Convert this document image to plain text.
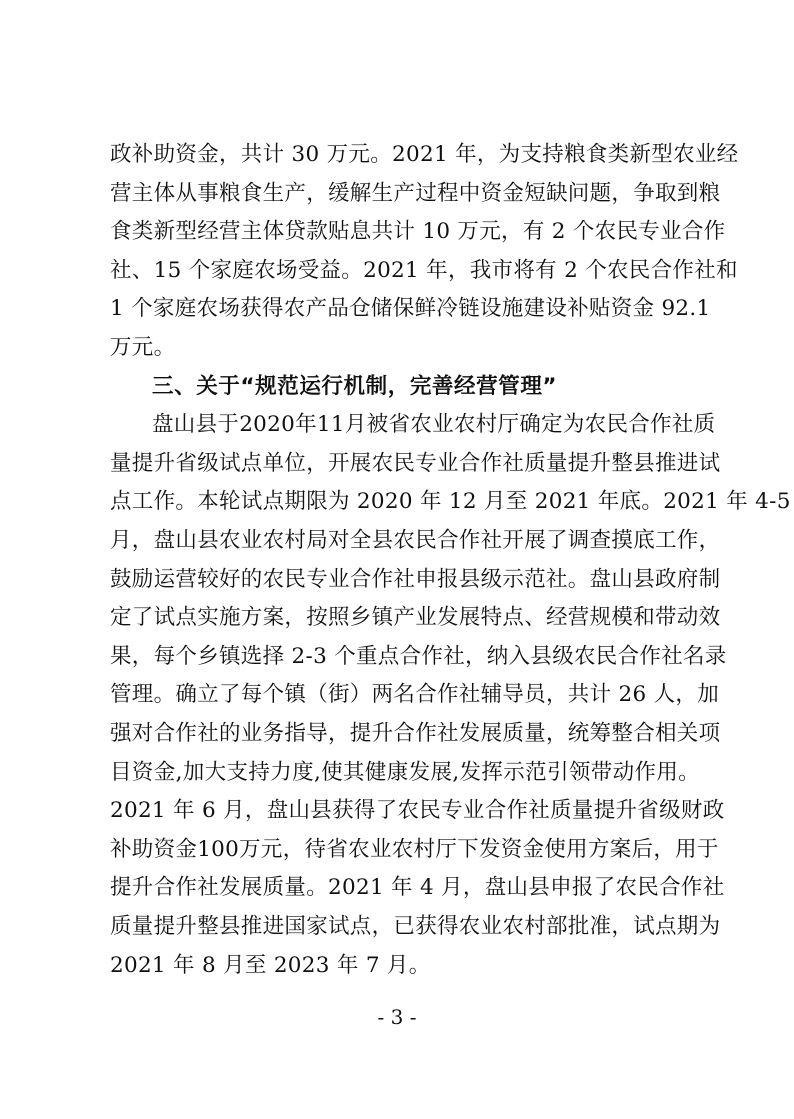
政补助资金，共计 30 万元。2021 年，为支持粮食类新型农业经
营主体从事粮食生产，缓解生产过程中资金短缺问题，争取到粮
食类新型经营主体贷款贴息共计 10 万元，有 2 个农民专业合作
社、15 个家庭农场受益。2021 年，我市将有 2 个农民合作社和
1 个家庭农场获得农产品仓储保鲜冷链设施建设补贴资金 92.1
万元。
三、关于“规范运行机制，完善经营管理”
盘山县于2020年11月被省农业农村厅确定为农民合作社质
量提升省级试点单位，开展农民专业合作社质量提升整县推进试
点工作。本轮试点期限为 2020 年 12 月至 2021 年底。2021 年 4-5
月，盘山县农业农村局对全县农民合作社开展了调查摸底工作，
鼓励运营较好的农民专业合作社申报县级示范社。盘山县政府制
定了试点实施方案，按照乡镇产业发展特点、经营规模和带动效
果，每个乡镇选择 2-3 个重点合作社，纳入县级农民合作社名录
管理。确立了每个镇（街）两名合作社辅导员，共计 26 人，加
强对合作社的业务指导，提升合作社发展质量，统筹整合相关项
目资金,加大支持力度,使其健康发展,发挥示范引领带动作用。
2021 年 6 月，盘山县获得了农民专业合作社质量提升省级财政
补助资金100万元，待省农业农村厅下发资金使用方案后，用于
提升合作社发展质量。2021 年 4 月，盘山县申报了农民合作社
质量提升整县推进国家试点，已获得农业农村部批准，试点期为
2021 年 8 月至 2023 年 7 月。
- 3 -
